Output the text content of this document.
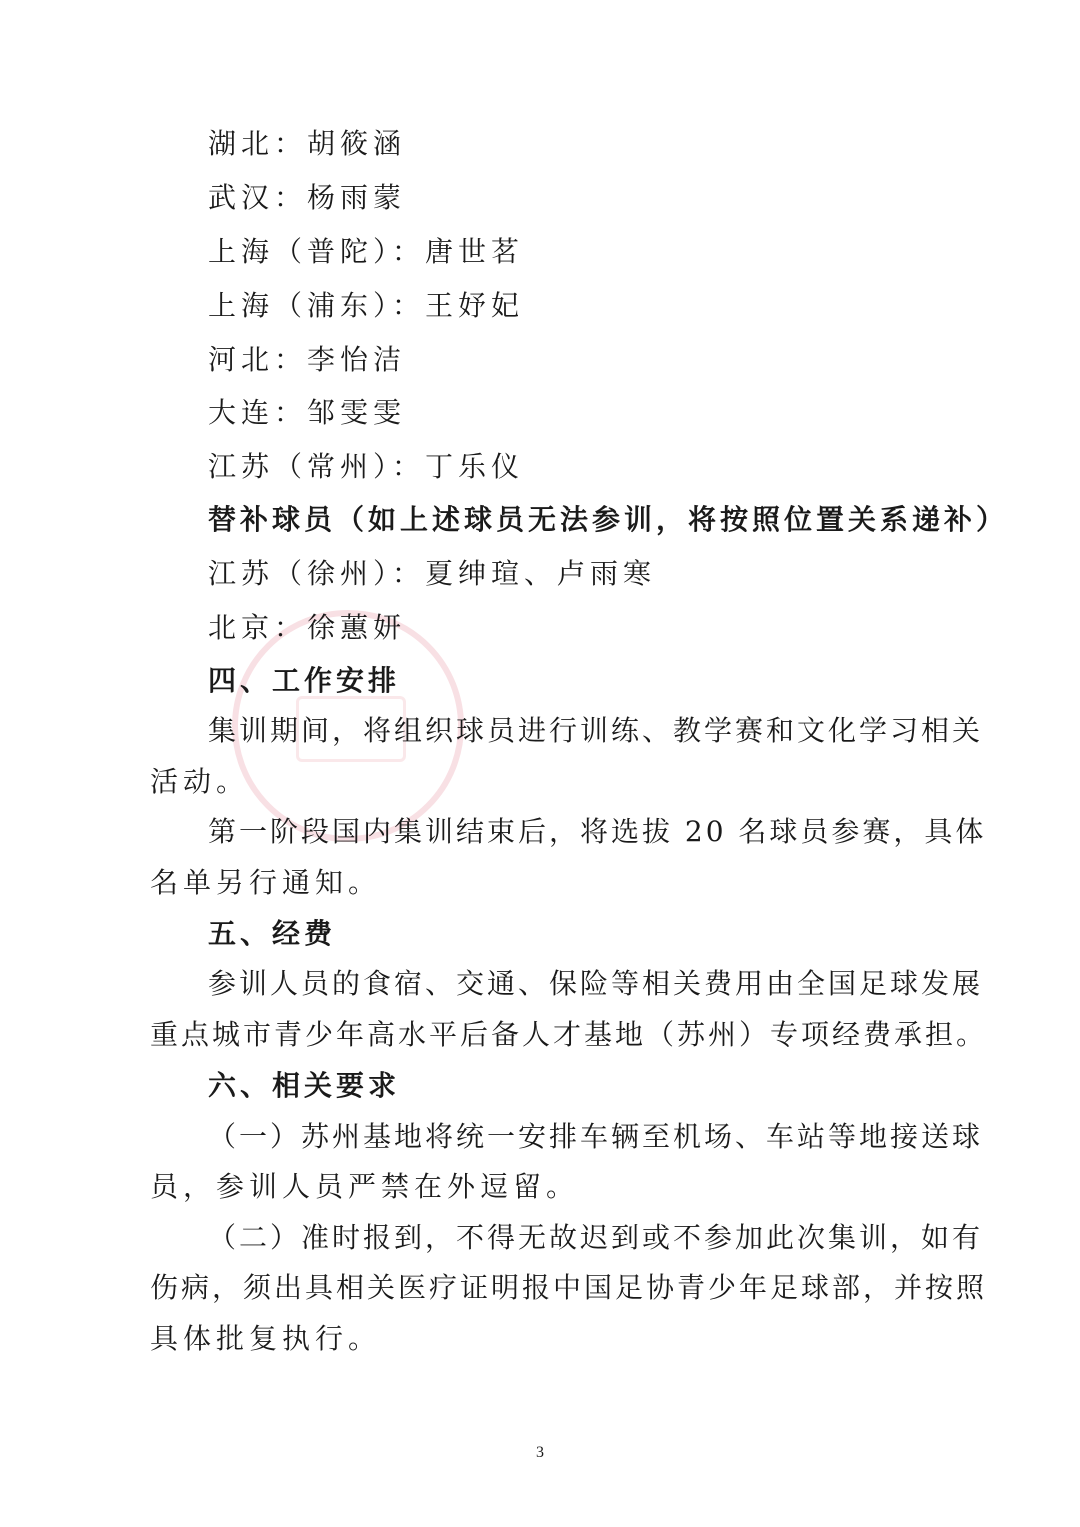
湖北：胡筱涵
武汉：杨雨蒙
上海（普陀）：唐世茗
上海（浦东）：王妤妃
河北：李怡洁
大连：邹雯雯
江苏（常州）：丁乐仪
替补球员（如上述球员无法参训，将按照位置关系递补）
江苏（徐州）：夏绅瑄、卢雨寒
北京：徐蕙妍
四、工作安排
集训期间，将组织球员进行训练、教学赛和文化学习相关
活动。
第一阶段国内集训结束后，将选拔 20 名球员参赛，具体
名单另行通知。
五、经费
参训人员的食宿、交通、保险等相关费用由全国足球发展
重点城市青少年高水平后备人才基地（苏州）专项经费承担。
六、相关要求
（一）苏州基地将统一安排车辆至机场、车站等地接送球
员，参训人员严禁在外逗留。
（二）准时报到，不得无故迟到或不参加此次集训，如有
伤病，须出具相关医疗证明报中国足协青少年足球部，并按照
具体批复执行。
3
